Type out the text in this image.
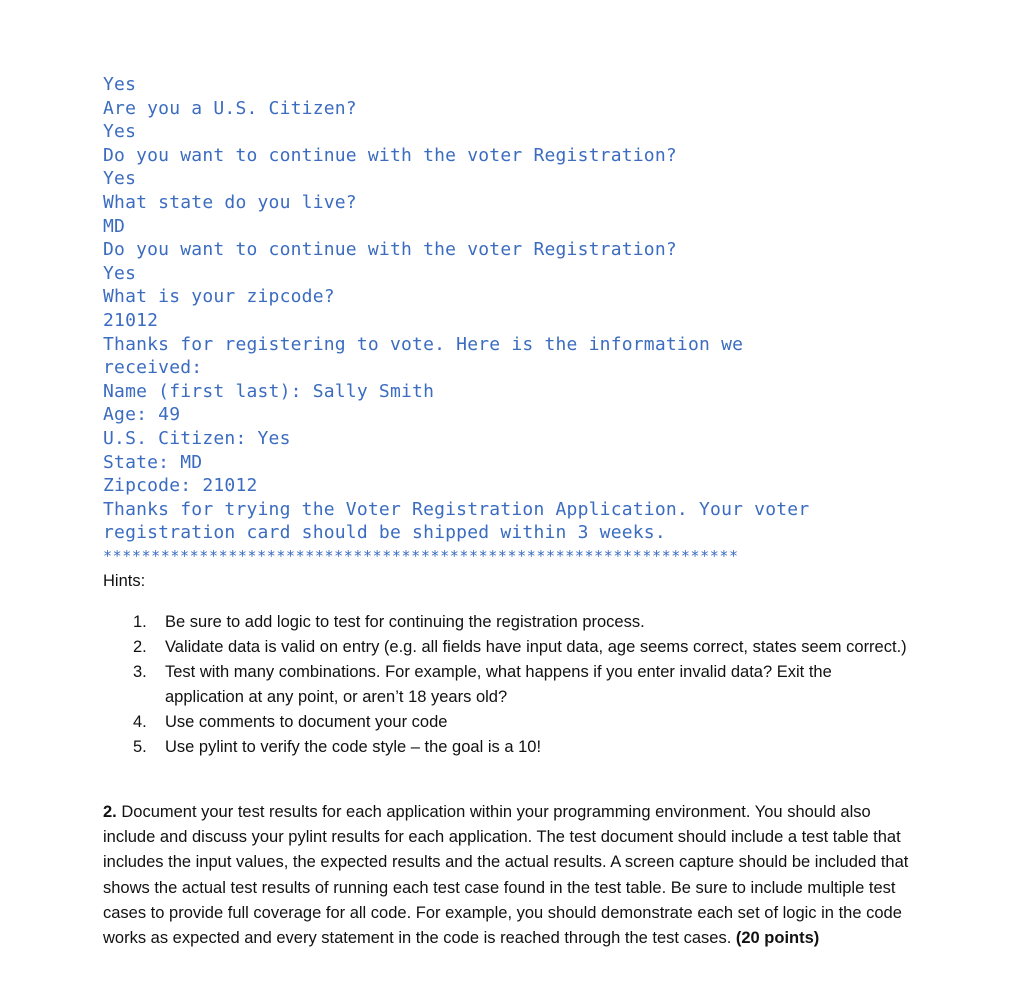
Yes
Are you a U.S. Citizen?
Yes
Do you want to continue with the voter Registration?
Yes
What state do you live?
MD
Do you want to continue with the voter Registration?
Yes
What is your zipcode?
21012
Thanks for registering to vote. Here is the information we
received:
Name (first last): Sally Smith
Age: 49
U.S. Citizen: Yes
State: MD
Zipcode: 21012
Thanks for trying the Voter Registration Application. Your voter
registration card should be shipped within 3 weeks.
******************************************************************
Hints:
1.	Be sure to add logic to test for continuing the registration process.
2.	Validate data is valid on entry (e.g. all fields have input data, age seems correct, states seem correct.)
3.	Test with many combinations. For example, what happens if you enter invalid data? Exit the application at any point, or aren’t 18 years old?
4.	Use comments to document your code
5.	Use pylint to verify the code style – the goal is a 10!
2. Document your test results for each application within your programming environment. You should also include and discuss your pylint results for each application. The test document should include a test table that includes the input values, the expected results and the actual results. A screen capture should be included that shows the actual test results of running each test case found in the test table. Be sure to include multiple test cases to provide full coverage for all code. For example, you should demonstrate each set of logic in the code works as expected and every statement in the code is reached through the test cases. (20 points)
